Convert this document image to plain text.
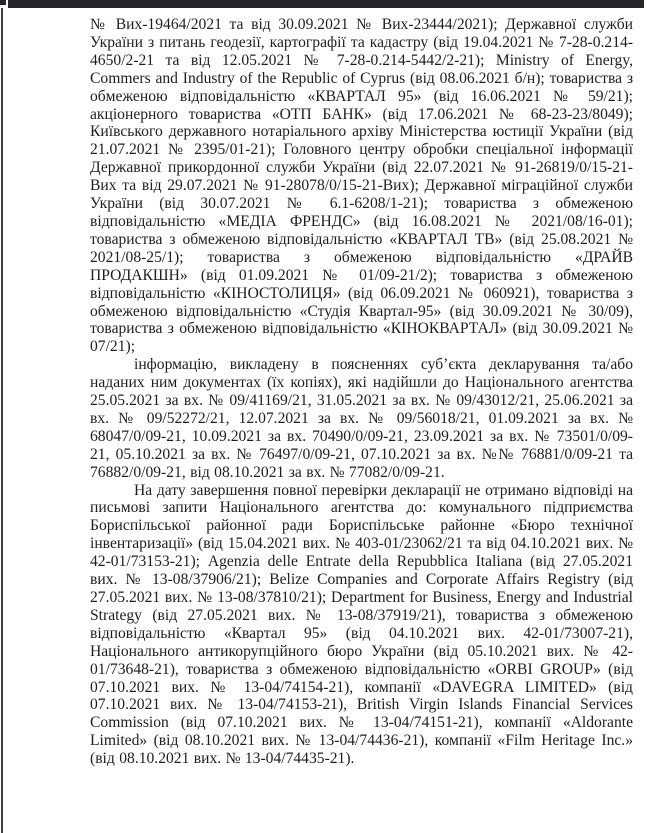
№ Вих-19464/2021 та від 30.09.2021 № Вих-23444/2021); Державної служби України з питань геодезії, картографії та кадастру (від 19.04.2021 № 7-28-0.214-4650/2-21 та від 12.05.2021 № 7-28-0.214-5442/2-21); Ministry of Energy, Commers and Industry of the Republic of Cyprus (від 08.06.2021 б/н); товариства з обмеженою відповідальністю «КВАРТАЛ 95» (від 16.06.2021 № 59/21); акціонерного товариства «ОТП БАНК» (від 17.06.2021 № 68-23-23/8049); Київського державного нотаріального архіву Міністерства юстиції України (від 21.07.2021 № 2395/01-21); Головного центру обробки спеціальної інформації Державної прикордонної служби України (від 22.07.2021 № 91-26819/0/15-21-Вих та від 29.07.2021 № 91-28078/0/15-21-Вих); Державної міграційної служби України (від 30.07.2021 № 6.1-6208/1-21); товариства з обмеженою відповідальністю «МЕДІА ФРЕНДС» (від 16.08.2021 № 2021/08/16-01); товариства з обмеженою відповідальністю «КВАРТАЛ ТВ» (від 25.08.2021 № 2021/08-25/1); товариства з обмеженою відповідальністю «ДРАЙВ ПРОДАКШН» (від 01.09.2021 № 01/09-21/2); товариства з обмеженою відповідальністю «КІНОСТОЛИЦЯ» (від 06.09.2021 № 060921), товариства з обмеженою відповідальністю «Студія Квартал-95» (від 30.09.2021 № 30/09), товариства з обмеженою відповідальністю «КІНОКВАРТАЛ» (від 30.09.2021 № 07/21);

інформацію, викладену в поясненнях суб’єкта декларування та/або наданих ним документах (їх копіях), які надійшли до Національного агентства 25.05.2021 за вх. № 09/41169/21, 31.05.2021 за вх. № 09/43012/21, 25.06.2021 за вх. № 09/52272/21, 12.07.2021 за вх. № 09/56018/21, 01.09.2021 за вх. № 68047/0/09-21, 10.09.2021 за вх. 70490/0/09-21, 23.09.2021 за вх. № 73501/0/09-21, 05.10.2021 за вх. № 76497/0/09-21, 07.10.2021 за вх. №№ 76881/0/09-21 та 76882/0/09-21, від 08.10.2021 за вх. № 77082/0/09-21.

На дату завершення повної перевірки декларації не отримано відповіді на письмові запити Національного агентства до: комунального підприємства Бориспільської районної ради Бориспільське районне «Бюро технічної інвентаризації» (від 15.04.2021 вих. № 403-01/23062/21 та від 04.10.2021 вих. № 42-01/73153-21); Agenzia delle Entrate della Repubblica Italiana (від 27.05.2021 вих. № 13-08/37906/21); Belize Companies and Corporate Affairs Registry (від 27.05.2021 вих. № 13-08/37810/21); Department for Business, Energy and Industrial Strategy (від 27.05.2021 вих. № 13-08/37919/21), товариства з обмеженою відповідальністю «Квартал 95» (від 04.10.2021 вих. 42-01/73007-21), Національного антикорупційного бюро України (від 05.10.2021 вих. № 42-01/73648-21), товариства з обмеженою відповідальністю «ORBI GROUP» (від 07.10.2021 вих. № 13-04/74154-21), компанії «DAVEGRA LIMITED» (від 07.10.2021 вих. № 13-04/74153-21), British Virgin Islands Financial Services Commission (від 07.10.2021 вих. № 13-04/74151-21), компанії «Aldorante Limited» (від 08.10.2021 вих. № 13-04/74436-21), компанії «Film Heritage Inc.» (від 08.10.2021 вих. № 13-04/74435-21).
